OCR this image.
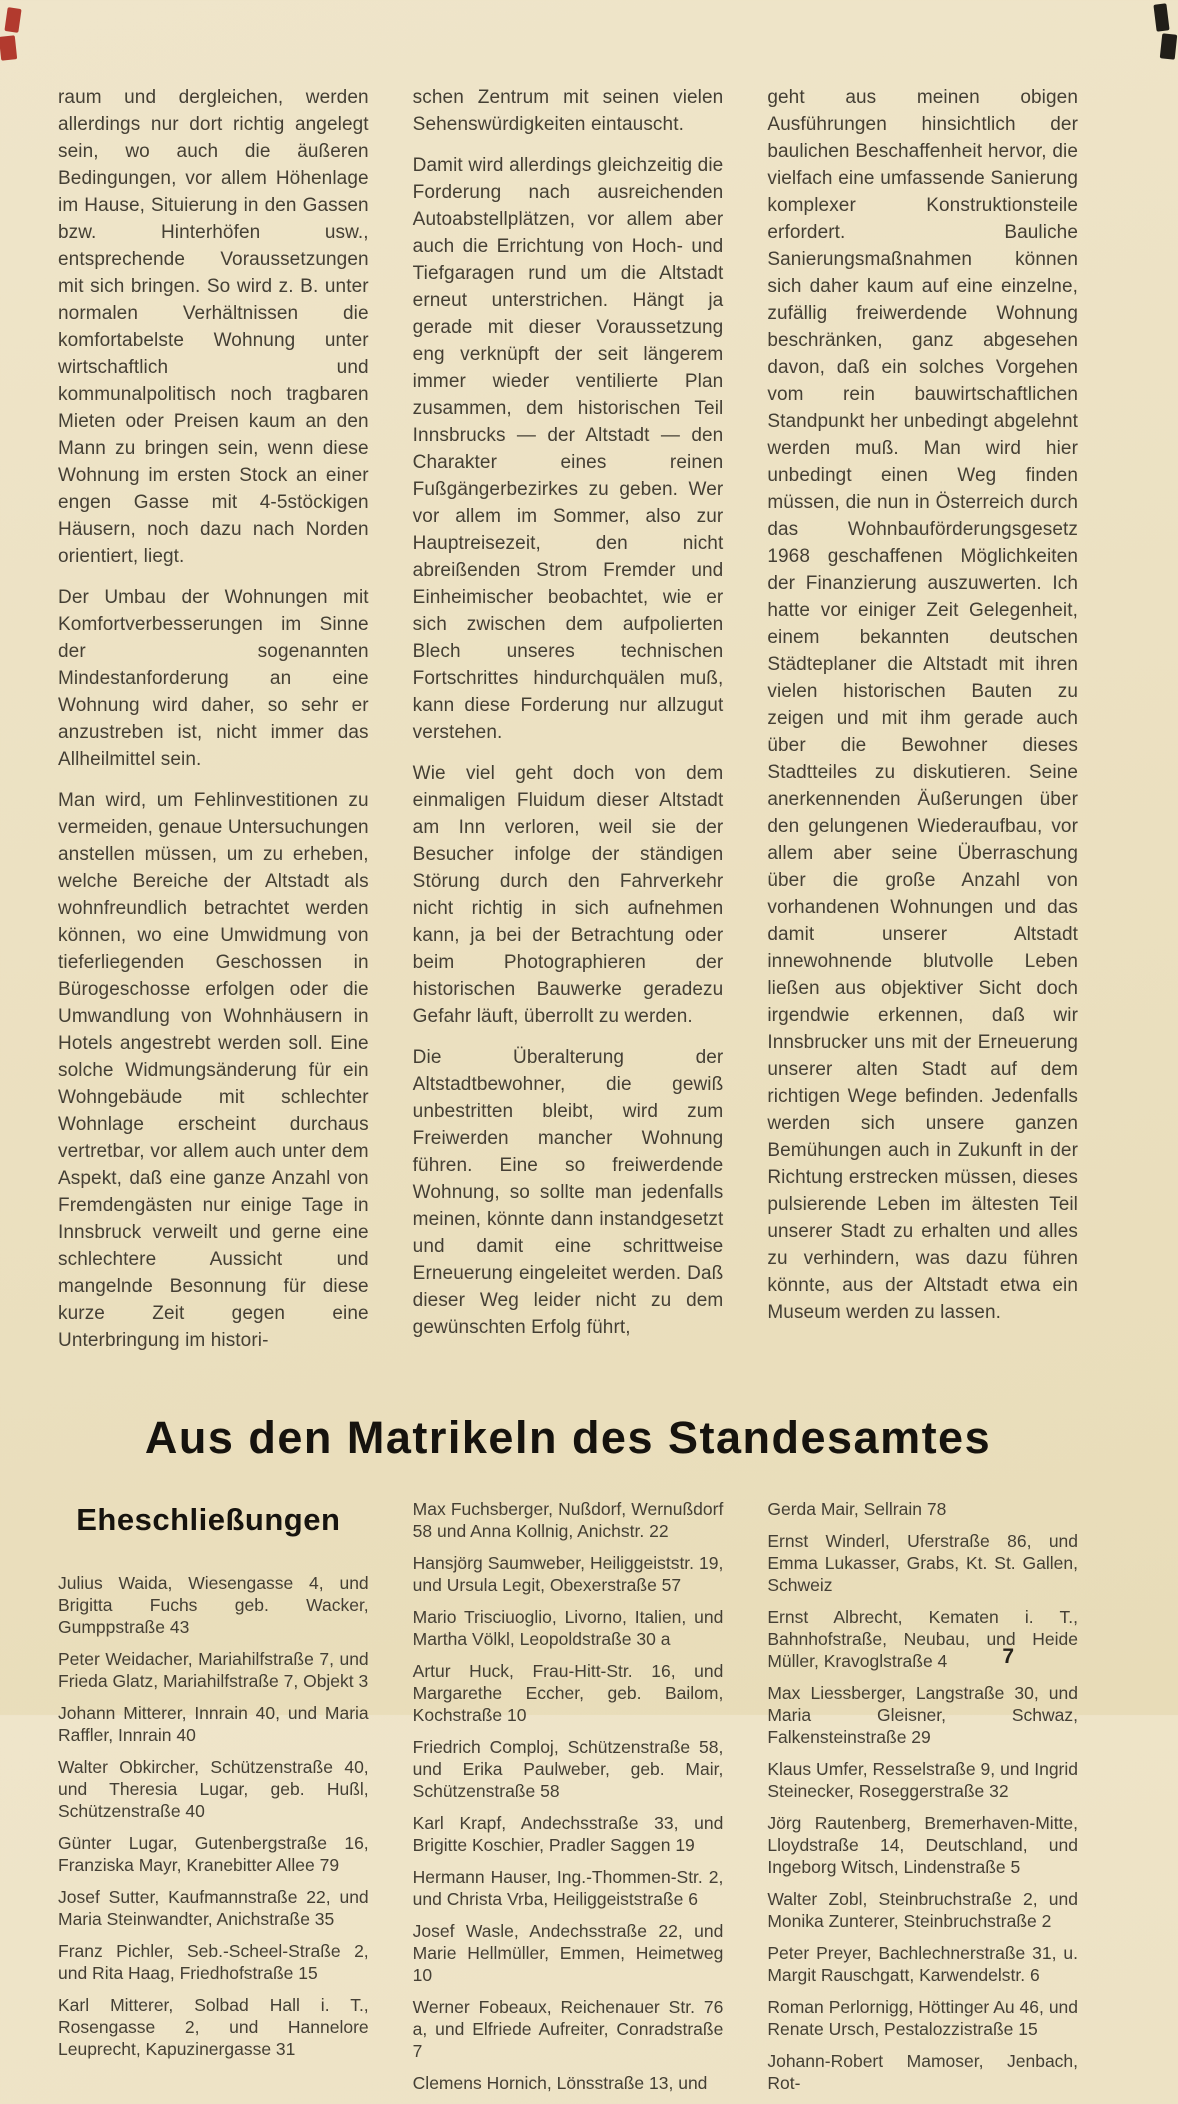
raum und dergleichen, werden allerdings nur dort richtig angelegt sein, wo auch die äußeren Bedingungen, vor allem Höhenlage im Hause, Situierung in den Gassen bzw. Hinterhöfen usw., entsprechende Voraussetzungen mit sich bringen. So wird z. B. unter normalen Verhältnissen die komfortabelste Wohnung unter wirtschaftlich und kommunalpolitisch noch tragbaren Mieten oder Preisen kaum an den Mann zu bringen sein, wenn diese Wohnung im ersten Stock an einer engen Gasse mit 4-5stöckigen Häusern, noch dazu nach Norden orientiert, liegt.

Der Umbau der Wohnungen mit Komfortverbesserungen im Sinne der sogenannten Mindestanforderung an eine Wohnung wird daher, so sehr er anzustreben ist, nicht immer das Allheilmittel sein.

Man wird, um Fehlinvestitionen zu vermeiden, genaue Untersuchungen anstellen müssen, um zu erheben, welche Bereiche der Altstadt als wohnfreundlich betrachtet werden können, wo eine Umwidmung von tieferliegenden Geschossen in Bürogeschosse erfolgen oder die Umwandlung von Wohnhäusern in Hotels angestrebt werden soll. Eine solche Widmungsänderung für ein Wohngebäude mit schlechter Wohnlage erscheint durchaus vertretbar, vor allem auch unter dem Aspekt, daß eine ganze Anzahl von Fremdengästen nur einige Tage in Innsbruck verweilt und gerne eine schlechtere Aussicht und mangelnde Besonnung für diese kurze Zeit gegen eine Unterbringung im histori-

schen Zentrum mit seinen vielen Sehenswürdigkeiten eintauscht.

Damit wird allerdings gleichzeitig die Forderung nach ausreichenden Autoabstellplätzen, vor allem aber auch die Errichtung von Hoch- und Tiefgaragen rund um die Altstadt erneut unterstrichen. Hängt ja gerade mit dieser Voraussetzung eng verknüpft der seit längerem immer wieder ventilierte Plan zusammen, dem historischen Teil Innsbrucks — der Altstadt — den Charakter eines reinen Fußgängerbezirkes zu geben. Wer vor allem im Sommer, also zur Hauptreisezeit, den nicht abreißenden Strom Fremder und Einheimischer beobachtet, wie er sich zwischen dem aufpolierten Blech unseres technischen Fortschrittes hindurchquälen muß, kann diese Forderung nur allzugut verstehen.

Wie viel geht doch von dem einmaligen Fluidum dieser Altstadt am Inn verloren, weil sie der Besucher infolge der ständigen Störung durch den Fahrverkehr nicht richtig in sich aufnehmen kann, ja bei der Betrachtung oder beim Photographieren der historischen Bauwerke geradezu Gefahr läuft, überrollt zu werden.

Die Überalterung der Altstadtbewohner, die gewiß unbestritten bleibt, wird zum Freiwerden mancher Wohnung führen. Eine so freiwerdende Wohnung, so sollte man jedenfalls meinen, könnte dann instandgesetzt und damit eine schrittweise Erneuerung eingeleitet werden. Daß dieser Weg leider nicht zu dem gewünschten Erfolg führt,

geht aus meinen obigen Ausführungen hinsichtlich der baulichen Beschaffenheit hervor, die vielfach eine umfassende Sanierung komplexer Konstruktionsteile erfordert. Bauliche Sanierungsmaßnahmen können sich daher kaum auf eine einzelne, zufällig freiwerdende Wohnung beschränken, ganz abgesehen davon, daß ein solches Vorgehen vom rein bauwirtschaftlichen Standpunkt her unbedingt abgelehnt werden muß. Man wird hier unbedingt einen Weg finden müssen, die nun in Österreich durch das Wohnbauförderungsgesetz 1968 geschaffenen Möglichkeiten der Finanzierung auszuwerten. Ich hatte vor einiger Zeit Gelegenheit, einem bekannten deutschen Städteplaner die Altstadt mit ihren vielen historischen Bauten zu zeigen und mit ihm gerade auch über die Bewohner dieses Stadtteiles zu diskutieren. Seine anerkennenden Äußerungen über den gelungenen Wiederaufbau, vor allem aber seine Überraschung über die große Anzahl von vorhandenen Wohnungen und das damit unserer Altstadt innewohnende blutvolle Leben ließen aus objektiver Sicht doch irgendwie erkennen, daß wir Innsbrucker uns mit der Erneuerung unserer alten Stadt auf dem richtigen Wege befinden. Jedenfalls werden sich unsere ganzen Bemühungen auch in Zukunft in der Richtung erstrecken müssen, dieses pulsierende Leben im ältesten Teil unserer Stadt zu erhalten und alles zu verhindern, was dazu führen könnte, aus der Altstadt etwa ein Museum werden zu lassen.

Aus den Matrikeln des Standesamtes
Eheschließungen

Julius Waida, Wiesengasse 4, und Brigitta Fuchs geb. Wacker, Gumppstraße 43

Peter Weidacher, Mariahilfstraße 7, und Frieda Glatz, Mariahilfstraße 7, Objekt 3

Johann Mitterer, Innrain 40, und Maria Raffler, Innrain 40

Walter Obkircher, Schützenstraße 40, und Theresia Lugar, geb. Hußl, Schützenstraße 40

Günter Lugar, Gutenbergstraße 16, Franziska Mayr, Kranebitter Allee 79

Josef Sutter, Kaufmannstraße 22, und Maria Steinwandter, Anichstraße 35

Franz Pichler, Seb.-Scheel-Straße 2, und Rita Haag, Friedhofstraße 15

Karl Mitterer, Solbad Hall i. T., Rosengasse 2, und Hannelore Leuprecht, Kapuzinergasse 31

Max Fuchsberger, Nußdorf, Wernußdorf 58 und Anna Kollnig, Anichstr. 22

Hansjörg Saumweber, Heiliggeiststr. 19, und Ursula Legit, Obexerstraße 57

Mario Trisciuoglio, Livorno, Italien, und Martha Völkl, Leopoldstraße 30 a

Artur Huck, Frau-Hitt-Str. 16, und Margarethe Eccher, geb. Bailom, Kochstraße 10

Friedrich Comploj, Schützenstraße 58, und Erika Paulweber, geb. Mair, Schützenstraße 58

Karl Krapf, Andechsstraße 33, und Brigitte Koschier, Pradler Saggen 19

Hermann Hauser, Ing.-Thommen-Str. 2, und Christa Vrba, Heiliggeiststraße 6

Josef Wasle, Andechsstraße 22, und Marie Hellmüller, Emmen, Heimetweg 10

Werner Fobeaux, Reichenauer Str. 76 a, und Elfriede Aufreiter, Conradstraße 7

Clemens Hornich, Lönsstraße 13, und

Gerda Mair, Sellrain 78

Ernst Winderl, Uferstraße 86, und Emma Lukasser, Grabs, Kt. St. Gallen, Schweiz

Ernst Albrecht, Kematen i. T., Bahnhofstraße, Neubau, und Heide Müller, Kravoglstraße 4

Max Liessberger, Langstraße 30, und Maria Gleisner, Schwaz, Falkensteinstraße 29

Klaus Umfer, Resselstraße 9, und Ingrid Steinecker, Roseggerstraße 32

Jörg Rautenberg, Bremerhaven-Mitte, Lloydstraße 14, Deutschland, und Ingeborg Witsch, Lindenstraße 5

Walter Zobl, Steinbruchstraße 2, und Monika Zunterer, Steinbruchstraße 2

Peter Preyer, Bachlechnerstraße 31, u. Margit Rauschgatt, Karwendelstr. 6

Roman Perlornigg, Höttinger Au 46, und Renate Ursch, Pestalozzistraße 15

Johann-Robert Mamoser, Jenbach, Rot-

7
